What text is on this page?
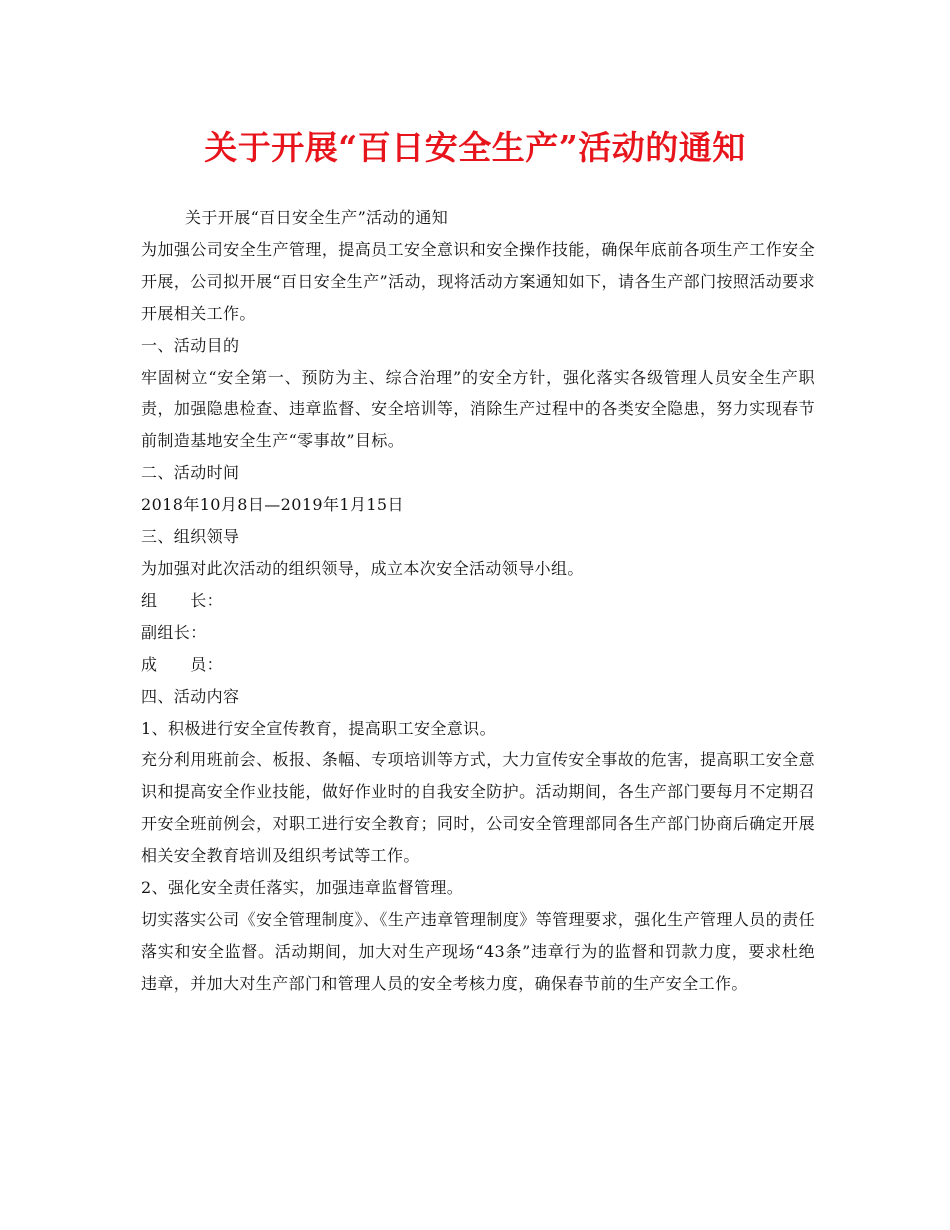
关于开展“百日安全生产”活动的通知

关于开展“百日安全生产”活动的通知

为加强公司安全生产管理，提高员工安全意识和安全操作技能，确保年底前各项生产工作安全开展，公司拟开展“百日安全生产”活动，现将活动方案通知如下，请各生产部门按照活动要求开展相关工作。

一、活动目的

牢固树立“安全第一、预防为主、综合治理”的安全方针，强化落实各级管理人员安全生产职责，加强隐患检查、违章监督、安全培训等，消除生产过程中的各类安全隐患，努力实现春节前制造基地安全生产“零事故”目标。

二、活动时间

2018年10月8日—2019年1月15日

三、组织领导

为加强对此次活动的组织领导，成立本次安全活动领导小组。

组　　长：

副组长：

成　　员：

四、活动内容

1、积极进行安全宣传教育，提高职工安全意识。

充分利用班前会、板报、条幅、专项培训等方式，大力宣传安全事故的危害，提高职工安全意识和提高安全作业技能，做好作业时的自我安全防护。活动期间，各生产部门要每月不定期召开安全班前例会，对职工进行安全教育；同时，公司安全管理部同各生产部门协商后确定开展相关安全教育培训及组织考试等工作。

2、强化安全责任落实，加强违章监督管理。

切实落实公司《安全管理制度》、《生产违章管理制度》等管理要求，强化生产管理人员的责任落实和安全监督。活动期间，加大对生产现场“43条”违章行为的监督和罚款力度，要求杜绝违章，并加大对生产部门和管理人员的安全考核力度，确保春节前的生产安全工作。
